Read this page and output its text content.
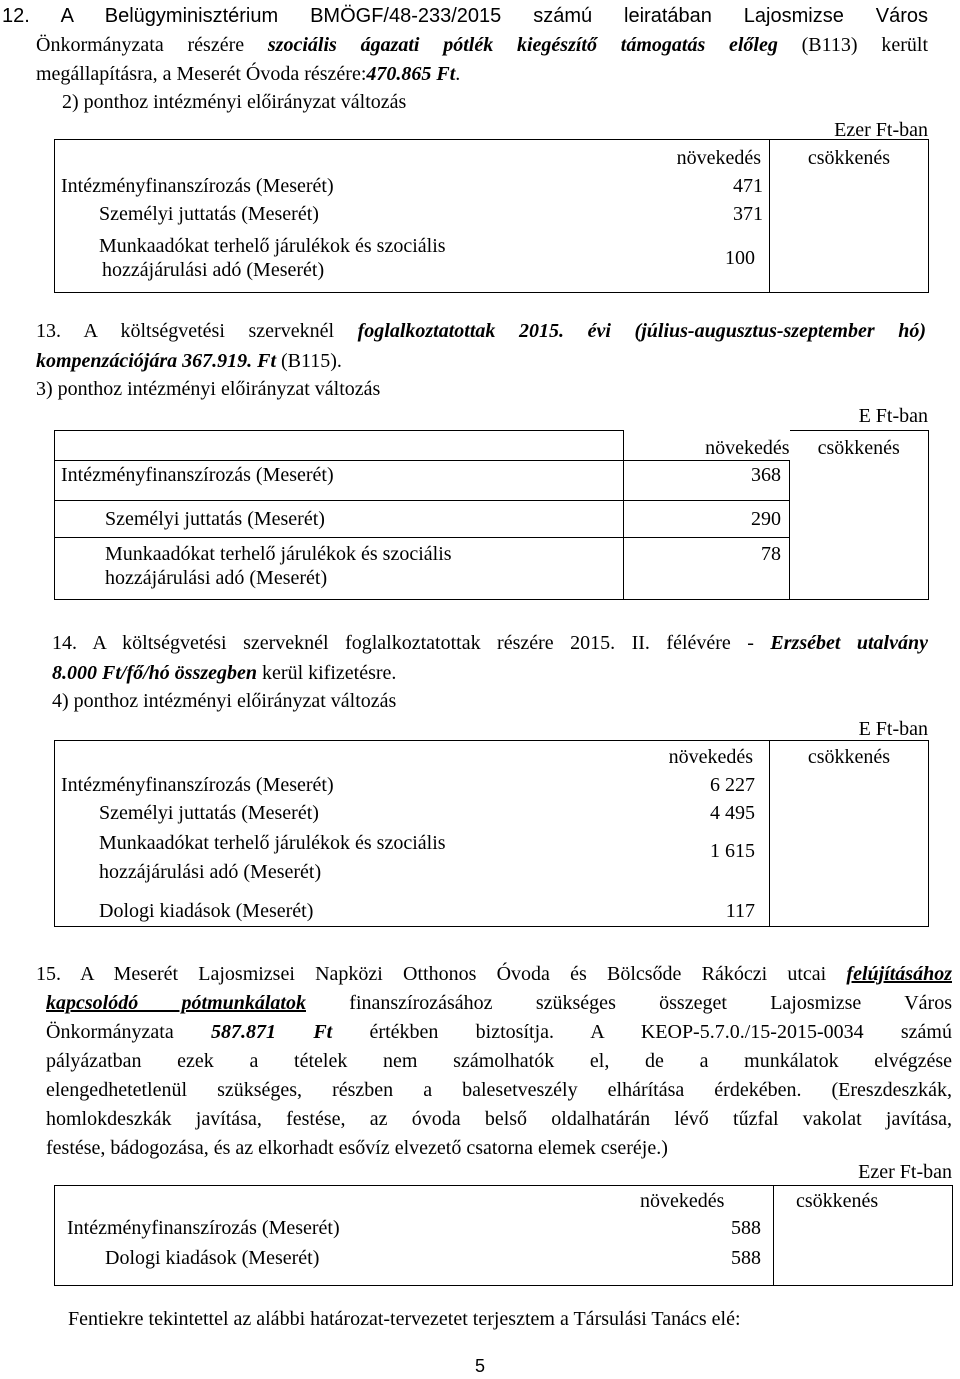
12. A Belügyminisztérium BMÖGF/48-233/2015 számú leiratában Lajosmizse Város
Önkormányzata részére szociális ágazati pótlék kiegészítő támogatás előleg (B113) került
megállapításra, a Meserét Óvoda részére:470.865 Ft.
2) ponthoz intézményi előirányzat változás
Ezer Ft-ban
növekedés	csökkenés
Intézményfinanszírozás (Meserét) 471	

Személyi juttatás (Meserét) 371	

Munkaadókat terhelő járulékok és szociális
hozzájárulási adó (Meserét)
100	

13. A költségvetési szerveknél foglalkoztatottak 2015. évi (július-augusztus-szeptember hó)
kompenzációjára 367.919. Ft (B115).
3) ponthoz intézményi előirányzat változás
E Ft-ban
	növekedés	csökkenés
Intézményfinanszírozás (Meserét)	368	
Személyi juttatás (Meserét)	290	

Munkaadókat terhelő járulékok és szociális
hozzájárulási adó (Meserét)	78	
14. A költségvetési szerveknél foglalkoztatottak részére 2015. II. félévére - Erzsébet utalvány
8.000 Ft/fő/hó összegben kerül kifizetésre.
4) ponthoz intézményi előirányzat változás
E Ft-ban
növekedés	csökkenés
Intézményfinanszírozás (Meserét) 6 227	

Személyi juttatás (Meserét) 4 495	

Munkaadókat terhelő járulékok és szociális
hozzájárulási adó (Meserét)
1 615	

Dologi kiadások (Meserét) 117	

15. A Meserét Lajosmizsei Napközi Otthonos Óvoda és Bölcsőde Rákóczi utcai felújításához
kapcsolódó pótmunkálatok finanszírozásához szükséges összeget Lajosmizse Város
Önkormányzata 587.871 Ft értékben biztosítja. A KEOP-5.7.0./15-2015-0034 számú
pályázatban ezek a tételek nem számolhatók el, de a munkálatok elvégzése
elengedhetetlenül szükséges, részben a balesetveszély elhárítása érdekében. (Ereszdeszkák,
homlokdeszkák javítása, festése, az óvoda belső oldalhatárán lévő tűzfal vakolat javítása,
festése, bádogozása, és az elkorhadt esővíz elvezető csatorna elemek cseréje.)
Ezer Ft-ban
növekedés	csökkenés

Intézményfinanszírozás (Meserét) 588	

Dologi kiadások (Meserét) 588	

Fentiekre tekintettel az alábbi határozat-tervezetet terjesztem a Társulási Tanács elé:
5
